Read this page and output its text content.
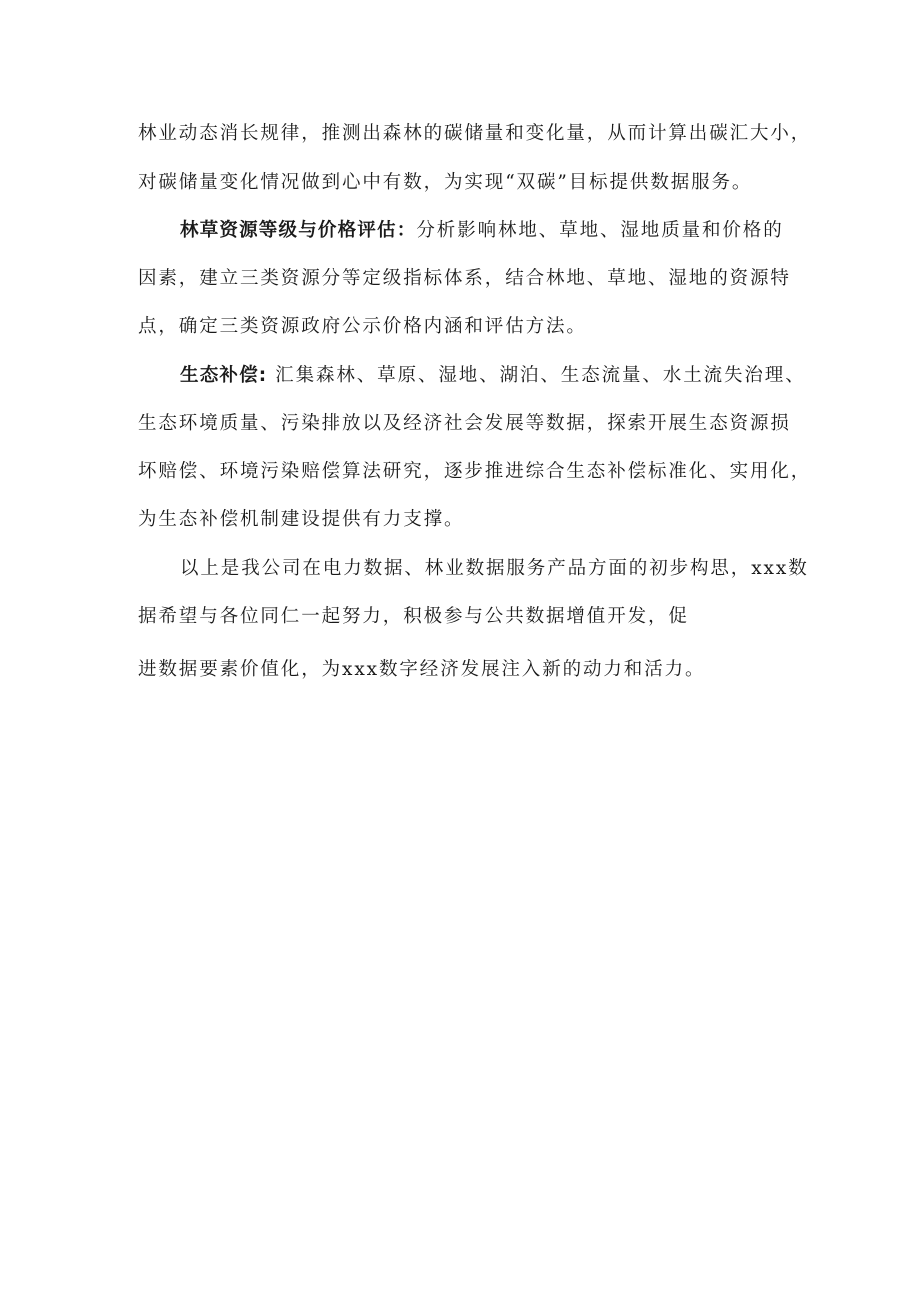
林业动态消长规律，推测出森林的碳储量和变化量，从而计算出碳汇大小，
对碳储量变化情况做到心中有数，为实现“双碳”目标提供数据服务。
林草资源等级与价格评估：分析影响林地、草地、湿地质量和价格的
因素，建立三类资源分等定级指标体系，结合林地、草地、湿地的资源特
点，确定三类资源政府公示价格内涵和评估方法。
生态补偿: 汇集森林、草原、湿地、湖泊、生态流量、水土流失治理、
生态环境质量、污染排放以及经济社会发展等数据，探索开展生态资源损
坏赔偿、环境污染赔偿算法研究，逐步推进综合生态补偿标准化、实用化，
为生态补偿机制建设提供有力支撑。
以上是我公司在电力数据、林业数据服务产品方面的初步构思，xxx数
据希望与各位同仁一起努力，积极参与公共数据增值开发，促
进数据要素价值化，为xxx数字经济发展注入新的动力和活力。
